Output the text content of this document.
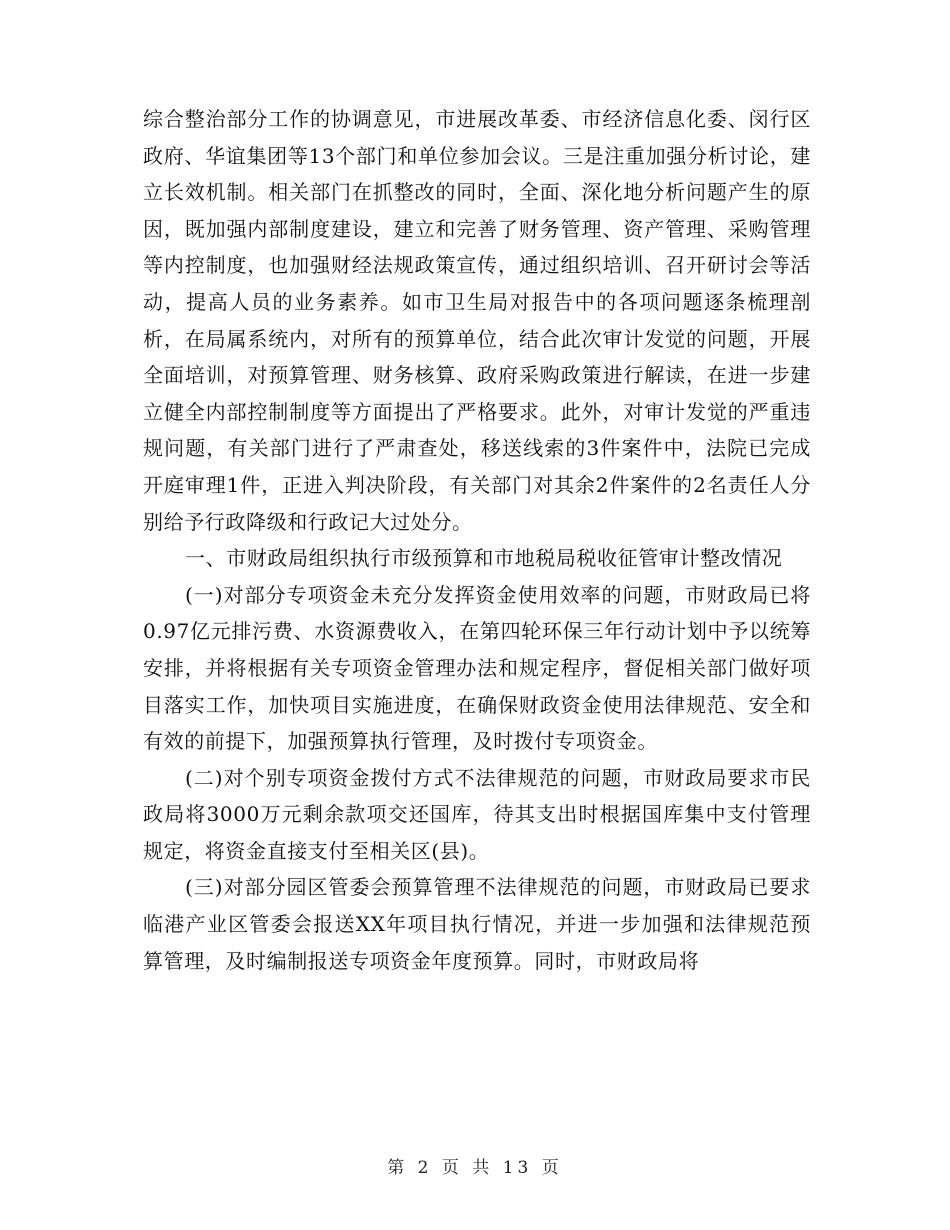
综合整治部分工作的协调意见，市进展改革委、市经济信息化委、闵行区政府、华谊集团等13个部门和单位参加会议。三是注重加强分析讨论，建立长效机制。相关部门在抓整改的同时，全面、深化地分析问题产生的原因，既加强内部制度建设，建立和完善了财务管理、资产管理、采购管理等内控制度，也加强财经法规政策宣传，通过组织培训、召开研讨会等活动，提高人员的业务素养。如市卫生局对报告中的各项问题逐条梳理剖析，在局属系统内，对所有的预算单位，结合此次审计发觉的问题，开展全面培训，对预算管理、财务核算、政府采购政策进行解读，在进一步建立健全内部控制制度等方面提出了严格要求。此外，对审计发觉的严重违规问题，有关部门进行了严肃查处，移送线索的3件案件中，法院已完成开庭审理1件，正进入判决阶段，有关部门对其余2件案件的2名责任人分别给予行政降级和行政记大过处分。

一、市财政局组织执行市级预算和市地税局税收征管审计整改情况

(一)对部分专项资金未充分发挥资金使用效率的问题，市财政局已将0.97亿元排污费、水资源费收入，在第四轮环保三年行动计划中予以统筹安排，并将根据有关专项资金管理办法和规定程序，督促相关部门做好项目落实工作，加快项目实施进度，在确保财政资金使用法律规范、安全和有效的前提下，加强预算执行管理，及时拨付专项资金。

(二)对个别专项资金拨付方式不法律规范的问题，市财政局要求市民政局将3000万元剩余款项交还国库，待其支出时根据国库集中支付管理规定，将资金直接支付至相关区(县)。

(三)对部分园区管委会预算管理不法律规范的问题，市财政局已要求临港产业区管委会报送XX年项目执行情况，并进一步加强和法律规范预算管理，及时编制报送专项资金年度预算。同时，市财政局将

第 2 页 共 13 页
